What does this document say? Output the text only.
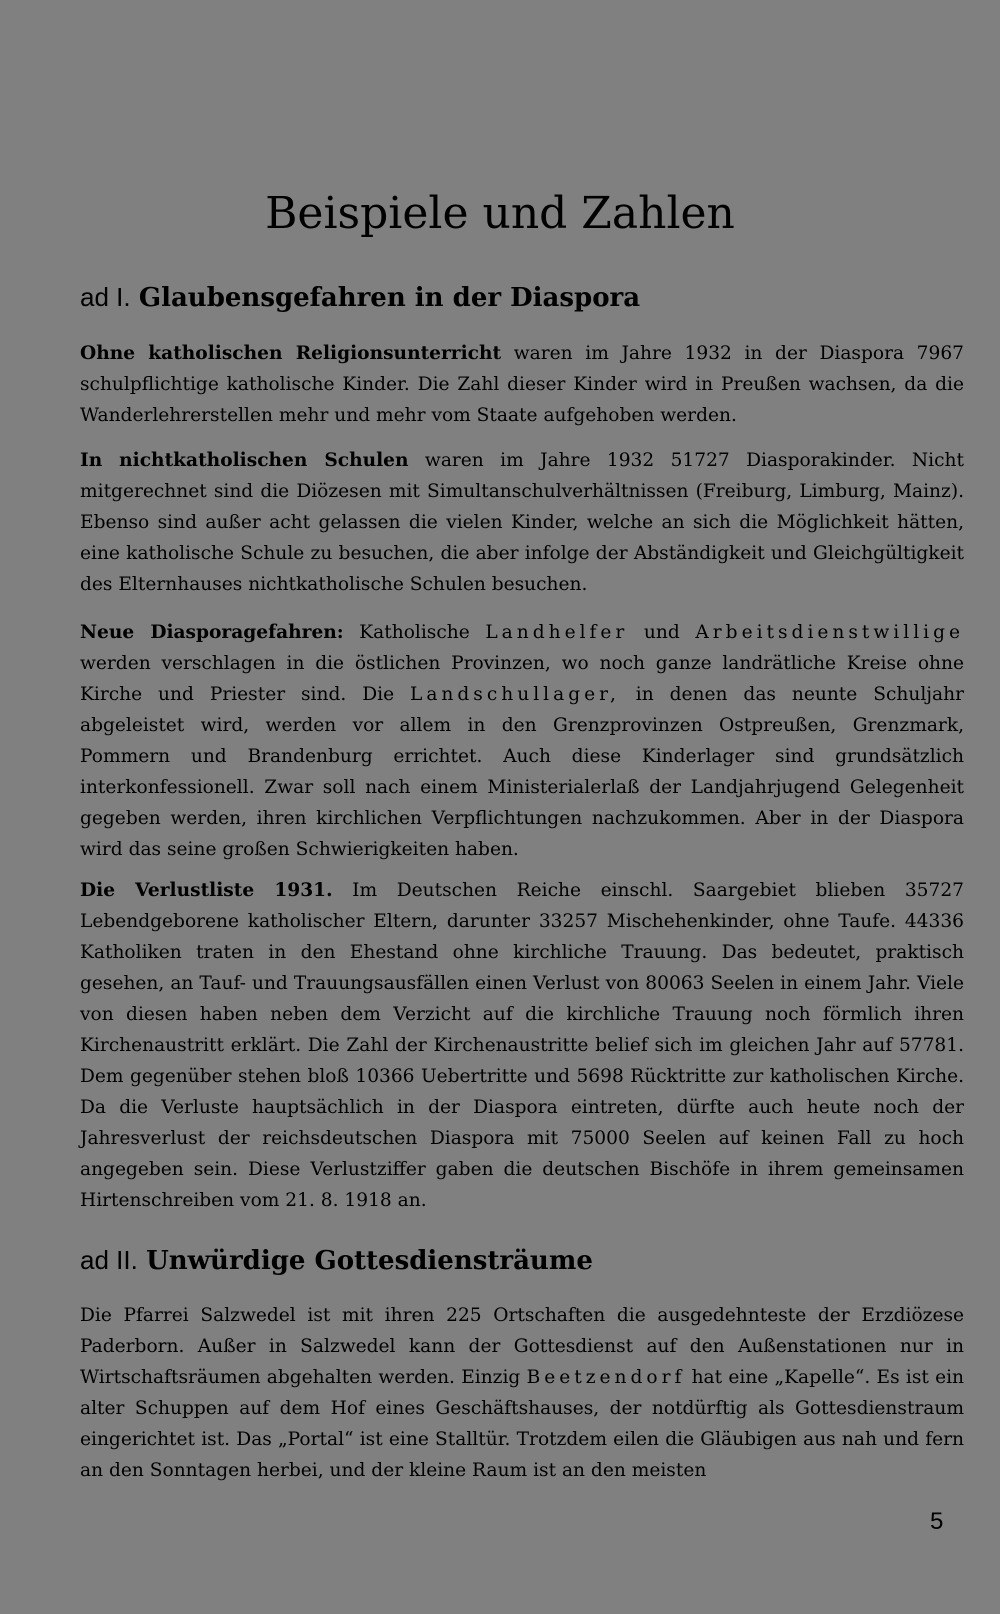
Beispiele und Zahlen
ad I. Glaubensgefahren in der Diaspora

Ohne katholischen Religionsunterricht waren im Jahre 1932 in der Diaspora 7967 schulpflichtige katholische Kinder. Die Zahl dieser Kinder wird in Preußen wachsen, da die Wanderlehrerstellen mehr und mehr vom Staate aufgehoben werden.

In nichtkatholischen Schulen waren im Jahre 1932 51727 Diasporakinder. Nicht mitgerechnet sind die Diözesen mit Simultanschulverhältnissen (Freiburg, Limburg, Mainz). Ebenso sind außer acht gelassen die vielen Kinder, welche an sich die Möglichkeit hätten, eine katholische Schule zu besuchen, die aber infolge der Abständigkeit und Gleichgültigkeit des Elternhauses nichtkatholische Schulen besuchen.

Neue Diasporagefahren: Katholische Landhelfer und Arbeitsdienstwillige werden verschlagen in die östlichen Provinzen, wo noch ganze landrätliche Kreise ohne Kirche und Priester sind. Die Landschullager, in denen das neunte Schuljahr abgeleistet wird, werden vor allem in den Grenzprovinzen Ostpreußen, Grenzmark, Pommern und Brandenburg errichtet. Auch diese Kinderlager sind grundsätzlich interkonfessionell. Zwar soll nach einem Ministerialerlaß der Landjahrjugend Gelegenheit gegeben werden, ihren kirchlichen Verpflichtungen nachzukommen. Aber in der Diaspora wird das seine großen Schwierigkeiten haben.

Die Verlustliste 1931. Im Deutschen Reiche einschl. Saargebiet blieben 35727 Lebendgeborene katholischer Eltern, darunter 33257 Mischehenkinder, ohne Taufe. 44336 Katholiken traten in den Ehestand ohne kirchliche Trauung. Das bedeutet, praktisch gesehen, an Tauf- und Trauungsausfällen einen Verlust von 80063 Seelen in einem Jahr. Viele von diesen haben neben dem Verzicht auf die kirchliche Trauung noch förmlich ihren Kirchenaustritt erklärt. Die Zahl der Kirchenaustritte belief sich im gleichen Jahr auf 57781. Dem gegenüber stehen bloß 10366 Uebertritte und 5698 Rücktritte zur katholischen Kirche. Da die Verluste hauptsächlich in der Diaspora eintreten, dürfte auch heute noch der Jahresverlust der reichsdeutschen Diaspora mit 75000 Seelen auf keinen Fall zu hoch angegeben sein. Diese Verlustziffer gaben die deutschen Bischöfe in ihrem gemeinsamen Hirtenschreiben vom 21. 8. 1918 an.

ad II. Unwürdige Gottesdiensträume

Die Pfarrei Salzwedel ist mit ihren 225 Ortschaften die ausgedehnteste der Erzdiözese Paderborn. Außer in Salzwedel kann der Gottesdienst auf den Außenstationen nur in Wirtschaftsräumen abgehalten werden. Einzig Beetzendorf hat eine „Kapelle“. Es ist ein alter Schuppen auf dem Hof eines Geschäftshauses, der notdürftig als Gottesdienstraum eingerichtet ist. Das „Portal“ ist eine Stalltür. Trotzdem eilen die Gläubigen aus nah und fern an den Sonntagen herbei, und der kleine Raum ist an den meisten

5
